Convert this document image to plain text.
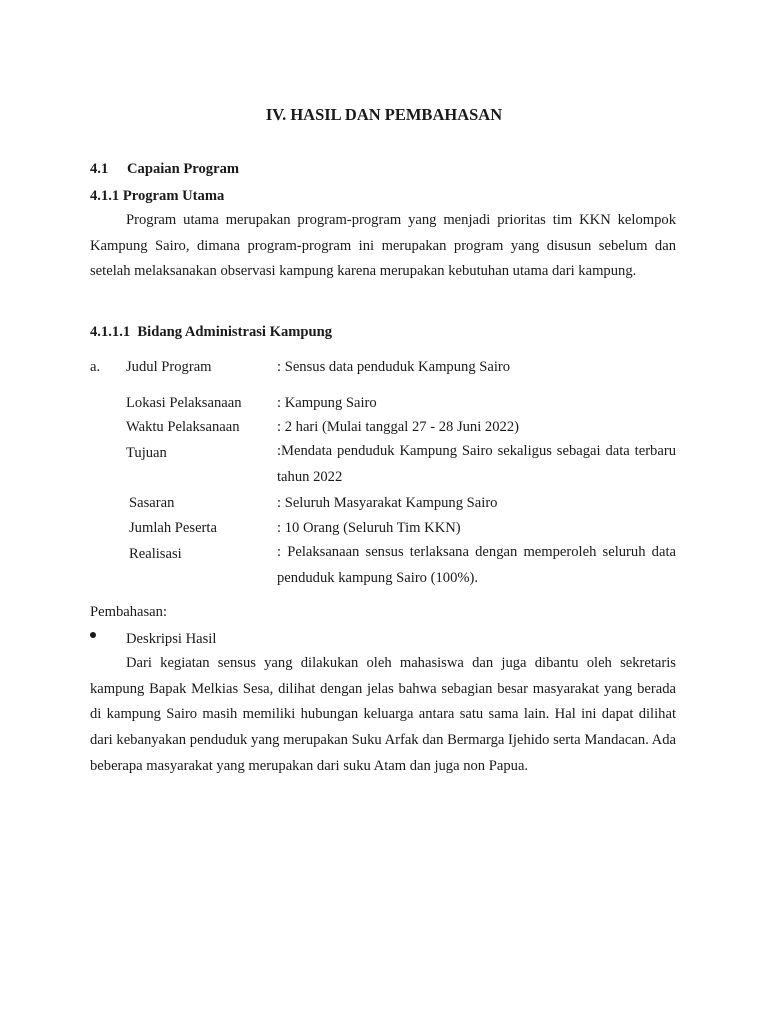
IV. HASIL DAN PEMBAHASAN
4.1 Capaian Program
4.1.1 Program Utama
Program utama merupakan program-program yang menjadi prioritas tim KKN kelompok Kampung Sairo, dimana program-program ini merupakan program yang disusun sebelum dan setelah melaksanakan observasi kampung karena merupakan kebutuhan utama dari kampung.
4.1.1.1  Bidang Administrasi Kampung
a. Judul Program	: Sensus data penduduk Kampung Sairo
Lokasi Pelaksanaan : Kampung Sairo
Waktu Pelaksanaan	: 2 hari (Mulai tanggal 27 - 28 Juni 2022)
Tujuan	:Mendata penduduk Kampung Sairo sekaligus sebagai data terbaru tahun 2022
Sasaran	: Seluruh Masyarakat Kampung Sairo
Jumlah Peserta	: 10 Orang (Seluruh Tim KKN)
Realisasi	: Pelaksanaan sensus terlaksana dengan memperoleh seluruh data penduduk kampung Sairo (100%).
Pembahasan:
Deskripsi Hasil
Dari kegiatan sensus yang dilakukan oleh mahasiswa dan juga dibantu oleh sekretaris kampung Bapak Melkias Sesa, dilihat dengan jelas bahwa sebagian besar masyarakat yang berada di kampung Sairo masih memiliki hubungan keluarga antara satu sama lain. Hal ini dapat dilihat dari kebanyakan penduduk yang merupakan Suku Arfak dan Bermarga Ijehido serta Mandacan. Ada beberapa masyarakat yang merupakan dari suku Atam dan juga non Papua.
